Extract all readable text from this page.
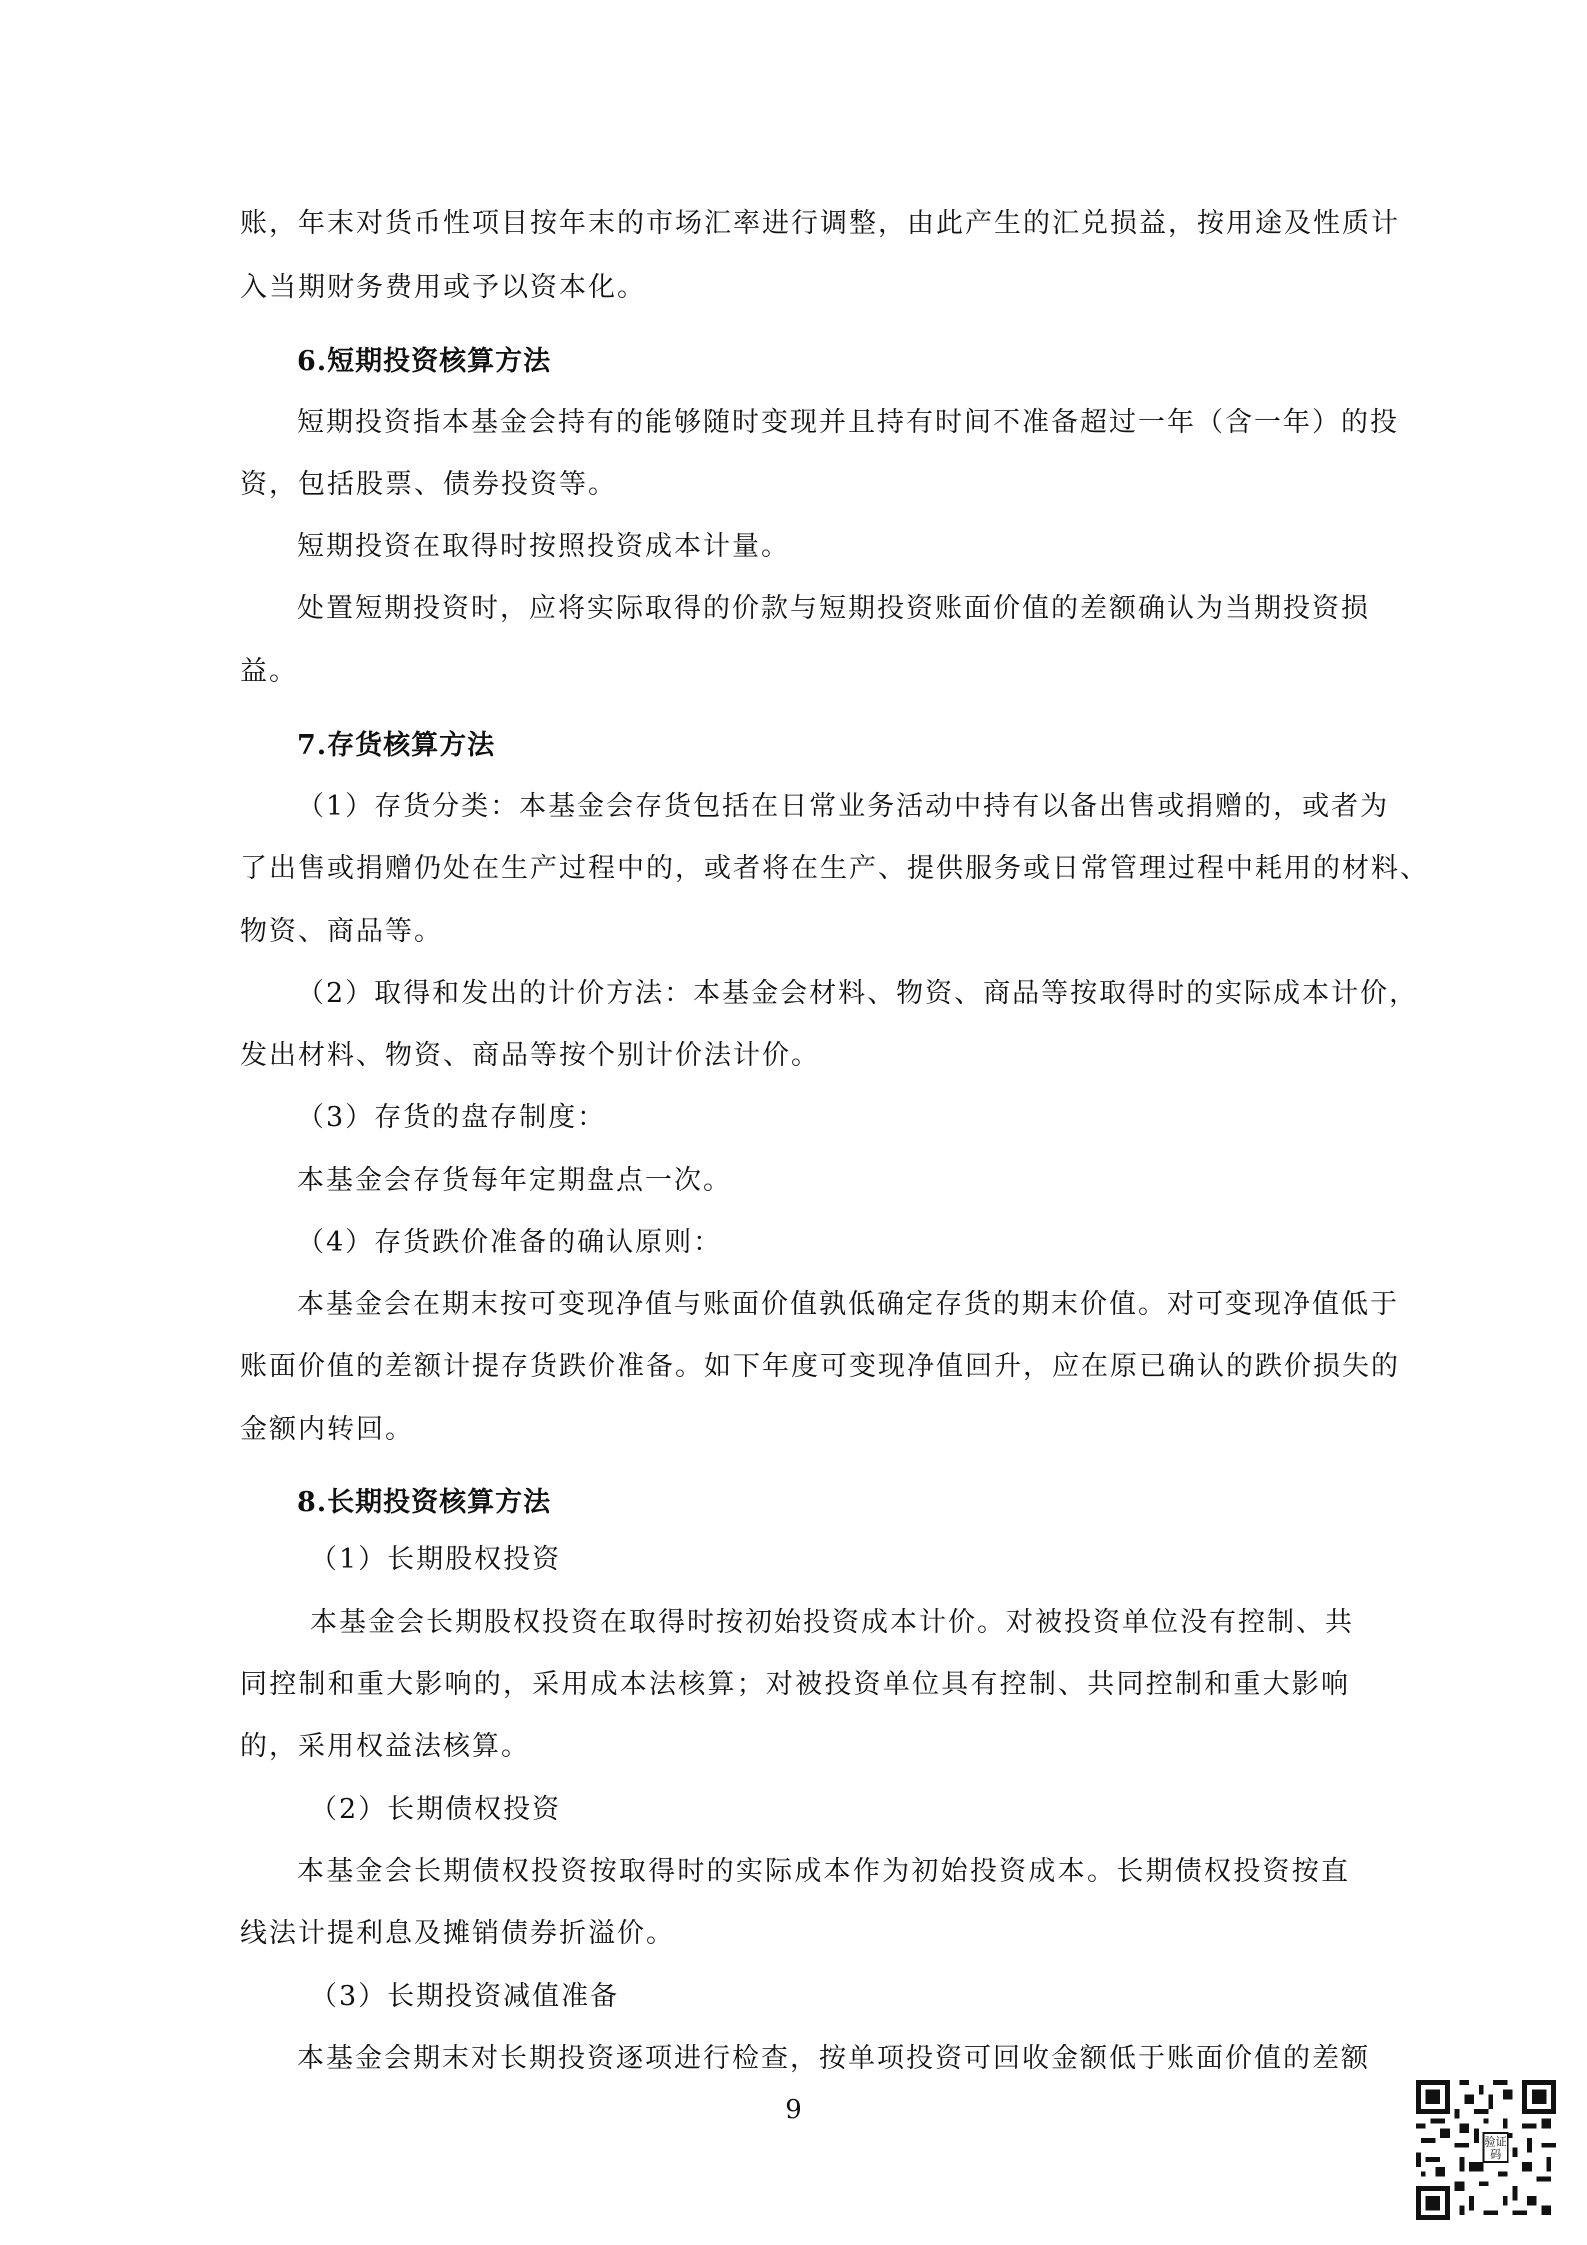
账，年末对货币性项目按年末的市场汇率进行调整，由此产生的汇兑损益，按用途及性质计
入当期财务费用或予以资本化。
6.短期投资核算方法
短期投资指本基金会持有的能够随时变现并且持有时间不准备超过一年（含一年）的投
资，包括股票、债券投资等。
短期投资在取得时按照投资成本计量。
处置短期投资时，应将实际取得的价款与短期投资账面价值的差额确认为当期投资损
益。
7.存货核算方法
（1）存货分类：本基金会存货包括在日常业务活动中持有以备出售或捐赠的，或者为
了出售或捐赠仍处在生产过程中的，或者将在生产、提供服务或日常管理过程中耗用的材料、
物资、商品等。
（2）取得和发出的计价方法：本基金会材料、物资、商品等按取得时的实际成本计价，
发出材料、物资、商品等按个别计价法计价。
（3）存货的盘存制度：
本基金会存货每年定期盘点一次。
（4）存货跌价准备的确认原则：
本基金会在期末按可变现净值与账面价值孰低确定存货的期末价值。对可变现净值低于
账面价值的差额计提存货跌价准备。如下年度可变现净值回升，应在原已确认的跌价损失的
金额内转回。
8.长期投资核算方法
（1）长期股权投资
本基金会长期股权投资在取得时按初始投资成本计价。对被投资单位没有控制、共
同控制和重大影响的，采用成本法核算；对被投资单位具有控制、共同控制和重大影响
的，采用权益法核算。
（2）长期债权投资
本基金会长期债权投资按取得时的实际成本作为初始投资成本。长期债权投资按直
线法计提利息及摊销债券折溢价。
（3）长期投资减值准备
本基金会期末对长期投资逐项进行检查，按单项投资可回收金额低于账面价值的差额
9
验证
码
